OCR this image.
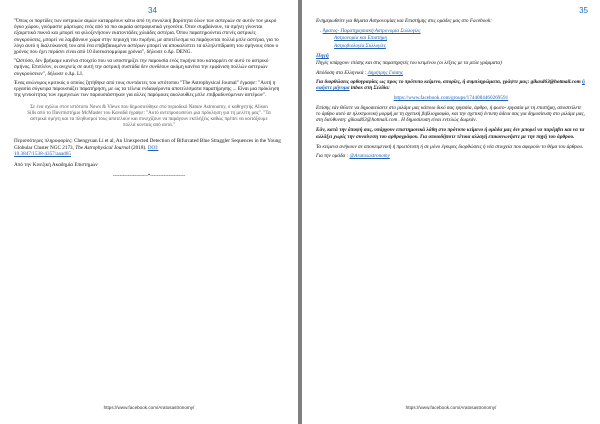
34

"Όπως οι παρτίδες των αστρικών αιμών καταρρέουν κάτω από τη συνολική βαρύτητα όλων των αστεριών σε αυτόν τον μικρό όγκο χώρου, γινόμαστε μάρτυρες ενός από τα πιο ακραία αστροφυσικά γεγονότα. Όταν συμβαίνουν, τα σμήνη γίνονται εξαιρετικά πυκνά και μπορεί να φιλοξενήσουν εκατοντάδες χιλιάδες αστέρια. Όπου παρατηρούνται στενές αστρικές συγκρούσεις, μπορεί να λαμβάνουν χώρα στην περιοχή του πυρήνα, με αποτέλεσμα να παράγονται πολλά μπλε αστέρια, για το λόγο αυτό η διαλεύκανσή του από ένα επιβεβαιωμένο αστέρων μπορεί να αποκαλύπτει τα αλληλεπίδραση του σμήνους όπου ο χρόνος που έχει περάσει είναι από 10 δισεκατομμύρια χρόνια", δήλωσε ο Δρ. DENG.

"Ωστόσο, δεν βρήκαμε κανένα στοιχείο που να υποστηρίζει την παρουσία ενός πυρήνα που καταρρέει σε αυτό το αστρικό σμήνος. Επιπλέον, οι ανιχνείς σε αυτή την αστρική συστάδα δεν συνδέουν ακόμη κανένα την εμφάνιση πολλών αστεριών συγκρούσεων", δήλωσε ο Δρ. LI.

Ένας ανώνυμος κριτικός ο οποίος ζητήθηκε από τους συντάκτες του ιστότοπου "The Astrophysical Journal" έγραψε: "Αυτή η εργασία σύγκειρα παρουσιάζει παρατήρηση, με ως τα τέλεια ενδιαφέροντα αποτελέσματα παρατήρησης ... Είναι μια πρόκληση της γενικότητας των ερμηνειών των παρουσιάστηκαν για αλλες παρόμοιες ακολουθίες μπλε επιβραδυνόμενων αστέρων".

Σε ένα σχόλιο στον ιστότοπο News & Views που δημοσιεύθηκε στο περιοδικό Nature Astronomy, ο καθηγητής Alison Sills από το Πανεπιστήμιο McMaster του Καναδά έγραψε: "Αυτό αντιπροσωπεύει μια πρόκληση για τη μελέτη μας". "Τα αστρικά σμήνη και τα πληθυσμοί τους αποτελούν και συνεχίζουν να παράγουν εκπλήξεις καθώς πρέπει να κοιτάξουμε πολλά κονταίς από αυτά."

Περισσότερες πληροφορίες: Chengyuan Li et al, An Unexpected Detection of Bifurcated Blue Straggler Sequences in the Young Globular Cluster NGC 2173, The Astrophysical Journal (2018). DOI:
10.3847/1538-4357/aaad65

Από την Κινεζική Ακαδημία Επιστημών

---------------------*---------------------
https://www.facebook.com/Aratosastronomy/
35

Ενημερωθείτε για θέματα Αστρονομίας και Επιστήμης στις ομάδες μας στο Facebook:

. Άρατος- Παρατηρησιακή Αστρονομία Συλλογίες
Αστρονομία και Επιστήμη
Αστροβιολογία Συλλογίες
Πηγή

Πηγές υπάρχουν επίσης και στις παρατηρητές του κειμένου (οι λέξεις με τα μπλε γράμματα)

Απόδοση στα Ελληνικά : Δημήτρης Γιάσης

Για διορθώσεις ορθογραφίας ως προς το πρότυπο κείμενο, απορίες, ή συμπληρώματα, γράψτε μας: gikasd63@hotmail.com ή αφήστε μήνυμα inbox στη Σελίδα:

https://www.facebook.com/groups/1744084460269591

Επίσης εάν θέλετε να δημοσιεύσετε στο μιλάμε μας κάποιο δικό σας εργασία, άρθρο, ή φωτο- εργασία με τη επιστήμη, αποστείλετε το άρθρο αυτό σε ηλεκτρονική μορφή με τη σχετική βιβλιογραφία, και την σχετική έντυπη άδεια σας για δημοσίευση στο μιλάμε μας, στη διεύθυνση: gikasd63@hotmail.com . Η δημοσίευση είναι εντελώς δωρεάν.

Εάν, κατά την άποψή σας, υπάρχουν επιστημονικά λάθη στο πρότυπο κείμενο ή ομάδα μας δεν μπορεί να παρέμβει και να τα αλλάξει χωρίς την συναίνεση του αρθρογράφου. Για οποιοδήποτε τέτοια αλλαγή επικοινωνήστε με την πηγή του άρθρου.

Τα κείμενα ανήκουν σε αποκειμενική ή πρωτότυπη ή σε μόνο έγκυρες διορθώσεις ή νέα στοιχεία που αφορούν το θέμα του άρθρου.

Για την ομάδα : @Aratosastronomy

https://www.facebook.com/Aratosastronomy/
